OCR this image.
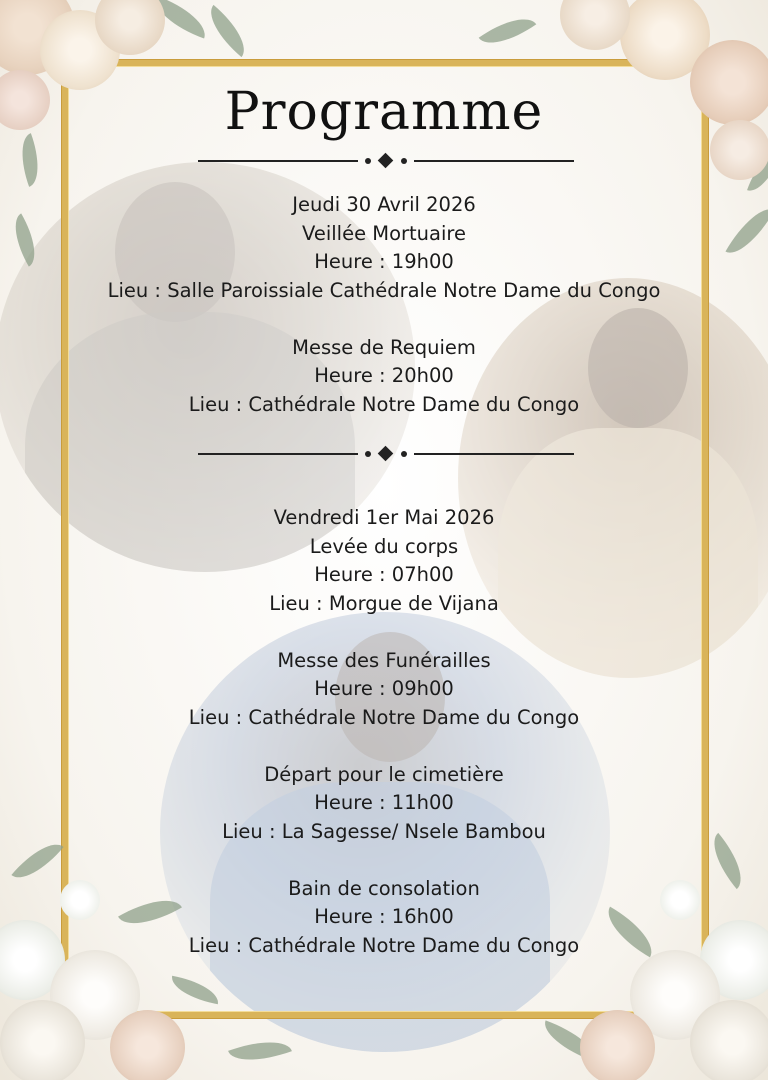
Programme
Jeudi 30 Avril 2026
Veillée Mortuaire
Heure : 19h00
Lieu : Salle Paroissiale Cathédrale Notre Dame du Congo
Messe de Requiem
Heure : 20h00
Lieu : Cathédrale Notre Dame du Congo
Vendredi 1er Mai 2026
Levée du corps
Heure : 07h00
Lieu : Morgue de Vijana
Messe des Funérailles
Heure : 09h00
Lieu : Cathédrale Notre Dame du Congo
Départ pour le cimetière
Heure : 11h00
Lieu : La Sagesse/ Nsele Bambou
Bain de consolation
Heure : 16h00
Lieu : Cathédrale Notre Dame du Congo
